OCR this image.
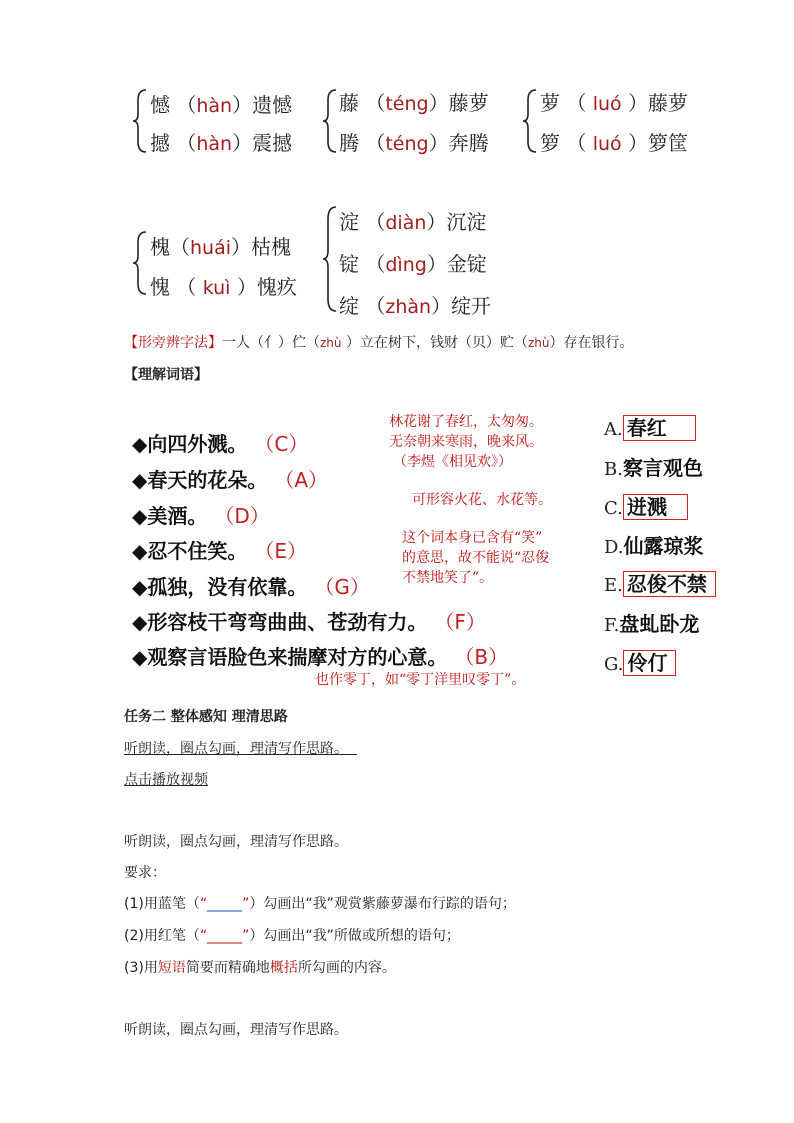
憾 （hàn）遗憾
撼 （hàn）震撼
藤 （téng）藤萝
腾 （téng）奔腾
萝 （ luó ）藤萝
箩 （ luó ）箩筐
槐（huái）枯槐
愧 （ kuì ）愧疚
淀 （diàn）沉淀
锭 （dìng）金锭
绽 （zhàn）绽开
【形旁辨字法】一人（亻）伫（zhù ）立在树下，钱财（贝）贮（zhù）存在银行。
【理解词语】
◆向四外溅。 （C）
◆春天的花朵。 （A）
◆美酒。 （D）
◆忍不住笑。 （E）
◆孤独，没有依靠。 （G）
◆形容枝干弯弯曲曲、苍劲有力。 （F）
◆观察言语脸色来揣摩对方的心意。 （B）
林花谢了春红，太匆匆。
无奈朝来寒雨，晚来风。
（李煜《相见欢》）
可形容火花、水花等。
这个词本身已含有“笑”
的意思，故不能说“忍俊
不禁地笑了”。
也作零丁，如“零丁洋里叹零丁”。
A. 春红
B.察言观色
C. 迸溅
D.仙露琼浆
E. 忍俊不禁
F.盘虬卧龙
G. 伶仃
任务二 整体感知 理清思路
听朗读，圈点勾画，理清写作思路。
点击播放视频
听朗读，圈点勾画，理清写作思路。
要求：
(1)用蓝笔（“_____”）勾画出“我”观赏紫藤萝瀑布行踪的语句；
(2)用红笔（“_____”）勾画出“我”所做或所想的语句；
(3)用短语简要而精确地概括所勾画的内容。
听朗读，圈点勾画，理清写作思路。
